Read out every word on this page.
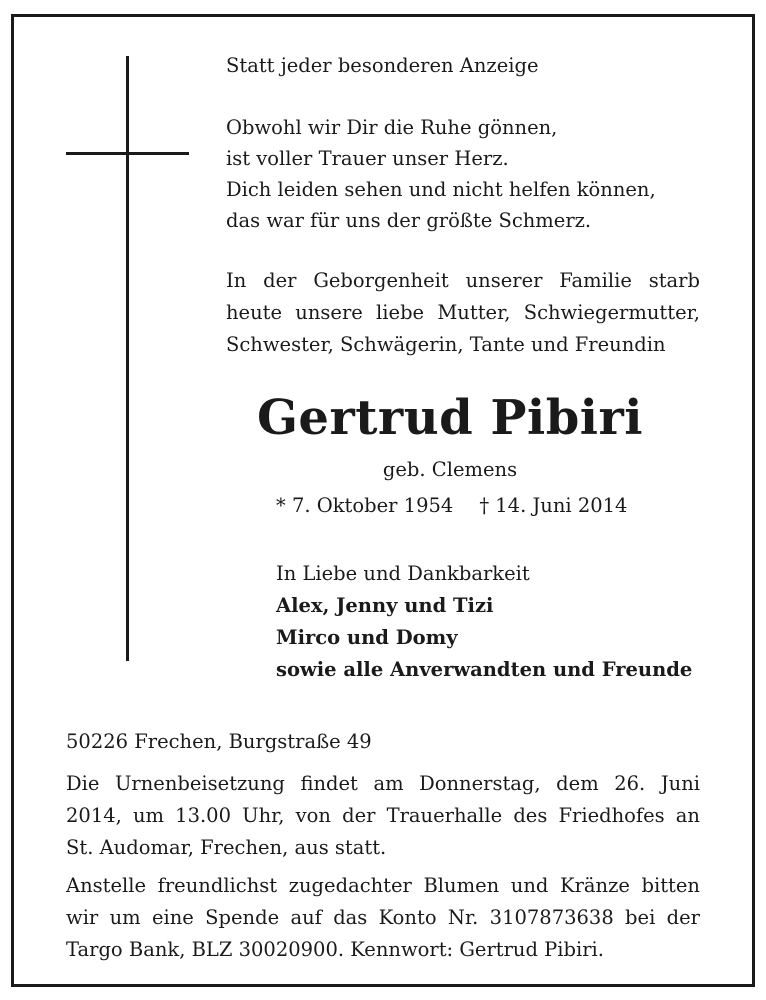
Statt jeder besonderen Anzeige

Obwohl wir Dir die Ruhe gönnen,

ist voller Trauer unser Herz.

Dich leiden sehen und nicht helfen können,

das war für uns der größte Schmerz.

In der Geborgenheit unserer Familie starb

heute unsere liebe Mutter, Schwiegermutter,

Schwester, Schwägerin, Tante und Freundin

Gertrud Pibiri

geb. Clemens

* 7. Oktober 1954 † 14. Juni 2014
In Liebe und Dankbarkeit
Alex, Jenny und Tizi
Mirco und Domy
sowie alle Anverwandten und Freunde
50226 Frechen, Burgstraße 49

Die Urnenbeisetzung findet am Donnerstag, dem 26. Juni

2014, um 13.00 Uhr, von der Trauerhalle des Friedhofes an

St. Audomar, Frechen, aus statt.

Anstelle freundlichst zugedachter Blumen und Kränze bitten

wir um eine Spende auf das Konto Nr. 3107873638 bei der

Targo Bank, BLZ 30020900. Kennwort: Gertrud Pibiri.
